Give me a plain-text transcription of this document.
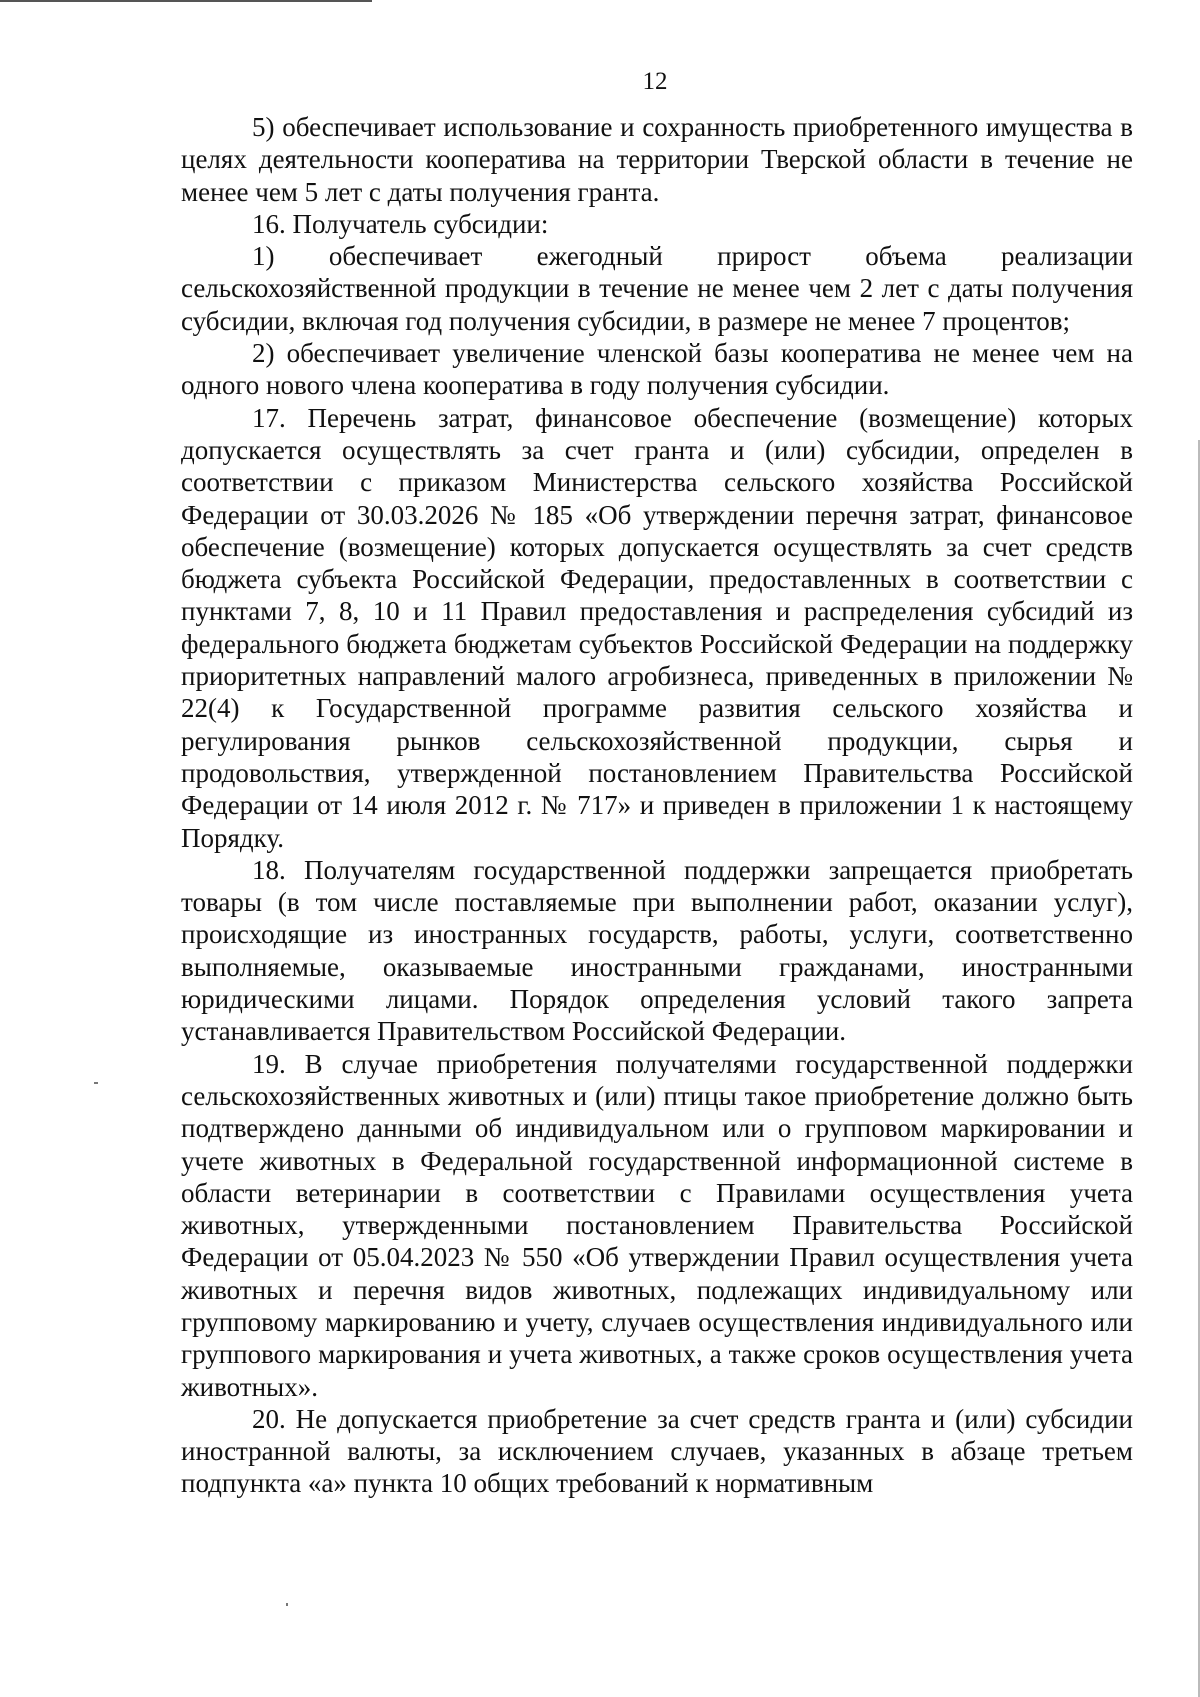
12

5) обеспечивает использование и сохранность приобретенного имущества в целях деятельности кооператива на территории Тверской области в течение не менее чем 5 лет с даты получения гранта.

16. Получатель субсидии:

1) обеспечивает ежегодный прирост объема реализации сельскохозяйственной продукции в течение не менее чем 2 лет с даты получения субсидии, включая год получения субсидии, в размере не менее 7 процентов;

2) обеспечивает увеличение членской базы кооператива не менее чем на одного нового члена кооператива в году получения субсидии.

17. Перечень затрат, финансовое обеспечение (возмещение) которых допускается осуществлять за счет гранта и (или) субсидии, определен в соответствии с приказом Министерства сельского хозяйства Российской Федерации от 30.03.2026 № 185 «Об утверждении перечня затрат, финансовое обеспечение (возмещение) которых допускается осуществлять за счет средств бюджета субъекта Российской Федерации, предоставленных в соответствии с пунктами 7, 8, 10 и 11 Правил предоставления и распределения субсидий из федерального бюджета бюджетам субъектов Российской Федерации на поддержку приоритетных направлений малого агробизнеса, приведенных в приложении № 22(4) к Государственной программе развития сельского хозяйства и регулирования рынков сельскохозяйственной продукции, сырья и продовольствия, утвержденной постановлением Правительства Российской Федерации от 14 июля 2012 г. № 717» и приведен в приложении 1 к настоящему Порядку.

18. Получателям государственной поддержки запрещается приобретать товары (в том числе поставляемые при выполнении работ, оказании услуг), происходящие из иностранных государств, работы, услуги, соответственно выполняемые, оказываемые иностранными гражданами, иностранными юридическими лицами. Порядок определения условий такого запрета устанавливается Правительством Российской Федерации.

19. В случае приобретения получателями государственной поддержки сельскохозяйственных животных и (или) птицы такое приобретение должно быть подтверждено данными об индивидуальном или о групповом маркировании и учете животных в Федеральной государственной информационной системе в области ветеринарии в соответствии с Правилами осуществления учета животных, утвержденными постановлением Правительства Российской Федерации от 05.04.2023 № 550 «Об утверждении Правил осуществления учета животных и перечня видов животных, подлежащих индивидуальному или групповому маркированию и учету, случаев осуществления индивидуального или группового маркирования и учета животных, а также сроков осуществления учета животных».

20. Не допускается приобретение за счет средств гранта и (или) субсидии иностранной валюты, за исключением случаев, указанных в абзаце третьем подпункта «а» пункта 10 общих требований к нормативным
